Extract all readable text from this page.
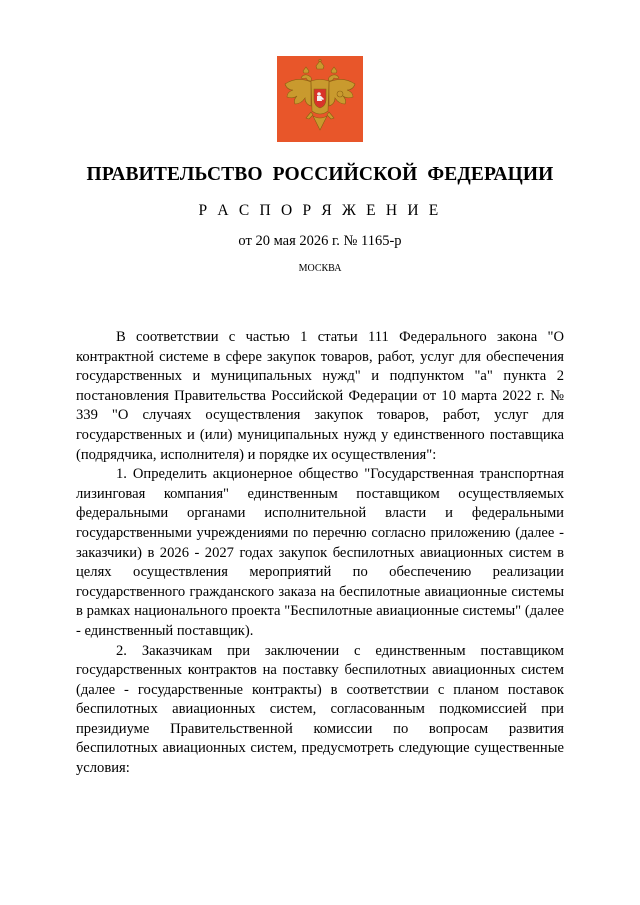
ПРАВИТЕЛЬСТВО РОССИЙСКОЙ ФЕДЕРАЦИИ
Р А С П О Р Я Ж Е Н И Е
от 20 мая 2026 г. № 1165-р
МОСКВА

В соответствии с частью 1 статьи 111 Федерального закона "О контрактной системе в сфере закупок товаров, работ, услуг для обеспечения государственных и муниципальных нужд" и подпунктом "а" пункта 2 постановления Правительства Российской Федерации от 10 марта 2022 г. № 339 "О случаях осуществления закупок товаров, работ, услуг для государственных и (или) муниципальных нужд у единственного поставщика (подрядчика, исполнителя) и порядке их осуществления":

1. Определить акционерное общество "Государственная транспортная лизинговая компания" единственным поставщиком осуществляемых федеральными органами исполнительной власти и федеральными государственными учреждениями по перечню согласно приложению (далее - заказчики) в 2026 - 2027 годах закупок беспилотных авиационных систем в целях осуществления мероприятий по обеспечению реализации государственного гражданского заказа на беспилотные авиационные системы в рамках национального проекта "Беспилотные авиационные системы" (далее - единственный поставщик).

2. Заказчикам при заключении с единственным поставщиком государственных контрактов на поставку беспилотных авиационных систем (далее - государственные контракты) в соответствии с планом поставок беспилотных авиационных систем, согласованным подкомиссией при президиуме Правительственной комиссии по вопросам развития беспилотных авиационных систем, предусмотреть следующие существенные условия:
